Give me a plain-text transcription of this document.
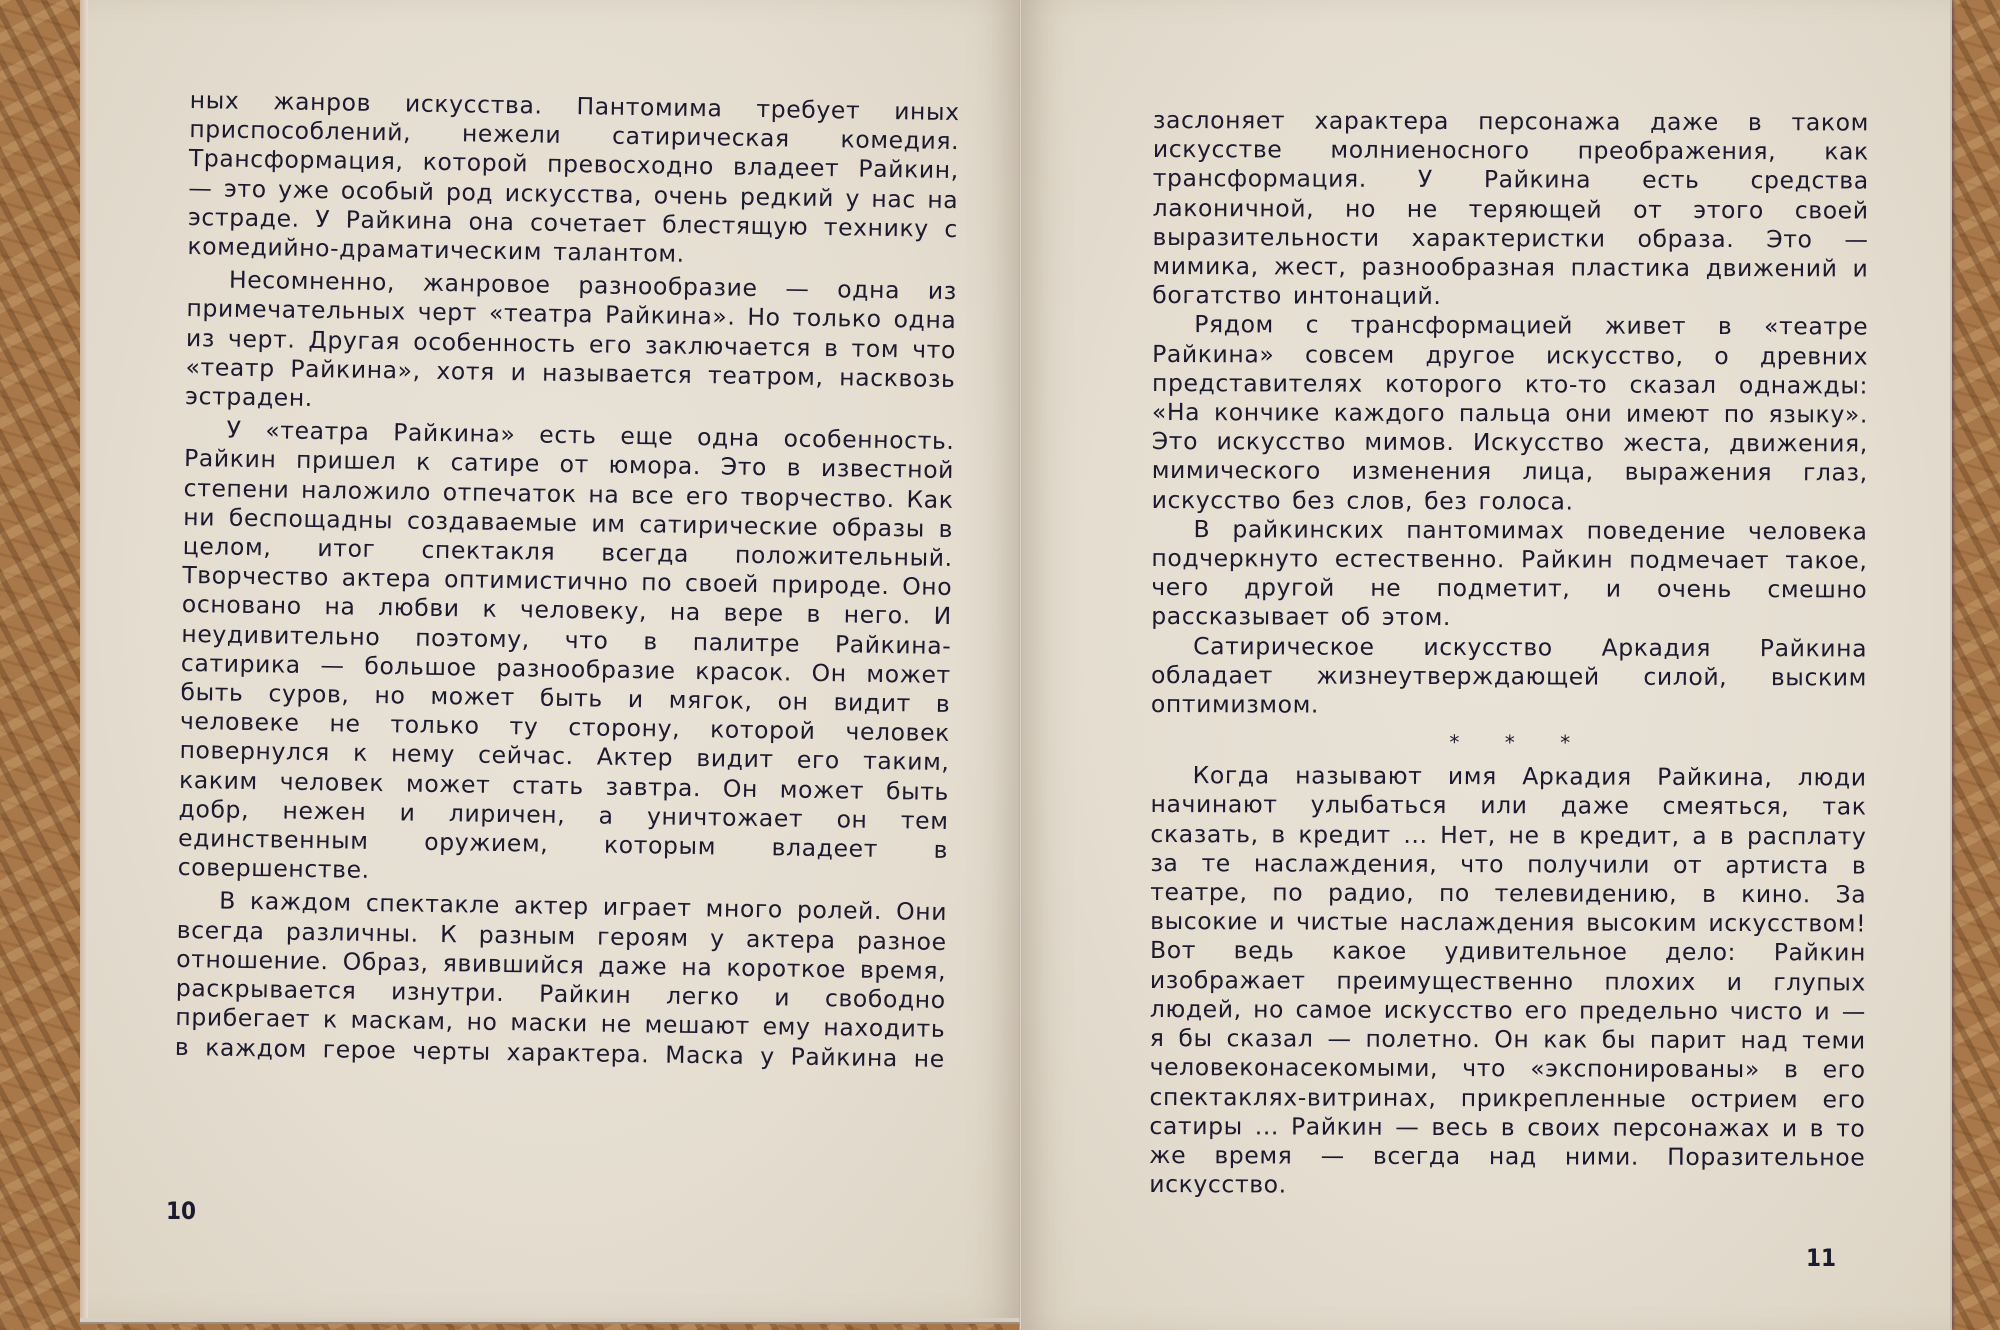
ных жанров искусства. Пантомима требует иных приспособлений, нежели сатирическая комедия. Трансформация, которой превосходно владеет Райкин, — это уже особый род искусства, очень редкий у нас на эстраде. У Райкина она сочетает блестящую технику с комедийно-драматическим талантом.

Несомненно, жанровое разнообразие — одна из примечательных черт «театра Райкина». Но только одна из черт. Другая особенность его заключается в том что «театр Райкина», хотя и называется театром, насквозь эстраден.

У «театра Райкина» есть еще одна особенность. Райкин пришел к сатире от юмора. Это в известной степени наложило отпечаток на все его творчество. Как ни беспощадны создаваемые им сатирические образы в целом, итог спектакля всегда положительный. Творчество актера оптимистично по своей природе. Оно основано на любви к человеку, на вере в него. И неудивительно поэтому, что в палитре Райкина-сатирика — большое разнообразие красок. Он может быть суров, но может быть и мягок, он видит в человеке не только ту сторону, которой человек повернулся к нему сейчас. Актер видит его таким, каким человек может стать завтра. Он может быть добр, нежен и лиричен, а уничтожает он тем единственным оружием, которым владеет в совершенстве.

В каждом спектакле актер играет много ролей. Они всегда различны. К разным героям у актера разное отношение. Образ, явившийся даже на короткое время, раскрывается изнутри. Райкин легко и свободно прибегает к маскам, но маски не мешают ему находить в каждом герое черты характера. Маска у Райкина не

10

заслоняет характера персонажа даже в таком искусстве молниеносного преображения, как трансформация. У Райкина есть средства лаконичной, но не теряющей от этого своей выразительности характеристки образа. Это — мимика, жест, разнообразная пластика движений и богатство интонаций.

Рядом с трансформацией живет в «театре Райкина» совсем другое искусство, о древних представителях которого кто-то сказал однажды: «На кончике каждого пальца они имеют по языку». Это искусство мимов. Искусство жеста, движения, мимического изменения лица, выражения глаз, искусство без слов, без голоса.

В райкинских пантомимах поведение человека подчеркнуто естественно. Райкин подмечает такое, чего другой не подметит, и очень смешно рассказывает об этом.

Сатирическое искусство Аркадия Райкина обладает жизнеутверждающей силой, выским оптимизмом.

* * *

Когда называют имя Аркадия Райкина, люди начинают улыбаться или даже смеяться, так сказать, в кредит ... Нет, не в кредит, а в расплату за те наслаждения, что получили от артиста в театре, по радио, по телевидению, в кино. За высокие и чистые наслаждения высоким искусством! Вот ведь какое удивительное дело: Райкин изображает преимущественно плохих и глупых людей, но самое искусство его предельно чисто и — я бы сказал — полетно. Он как бы парит над теми человеконасекомыми, что «экспонированы» в его спектаклях-витринах, прикрепленные острием его сатиры ... Райкин — весь в своих персонажах и в то же время — всегда над ними. Поразительное искусство.

11
